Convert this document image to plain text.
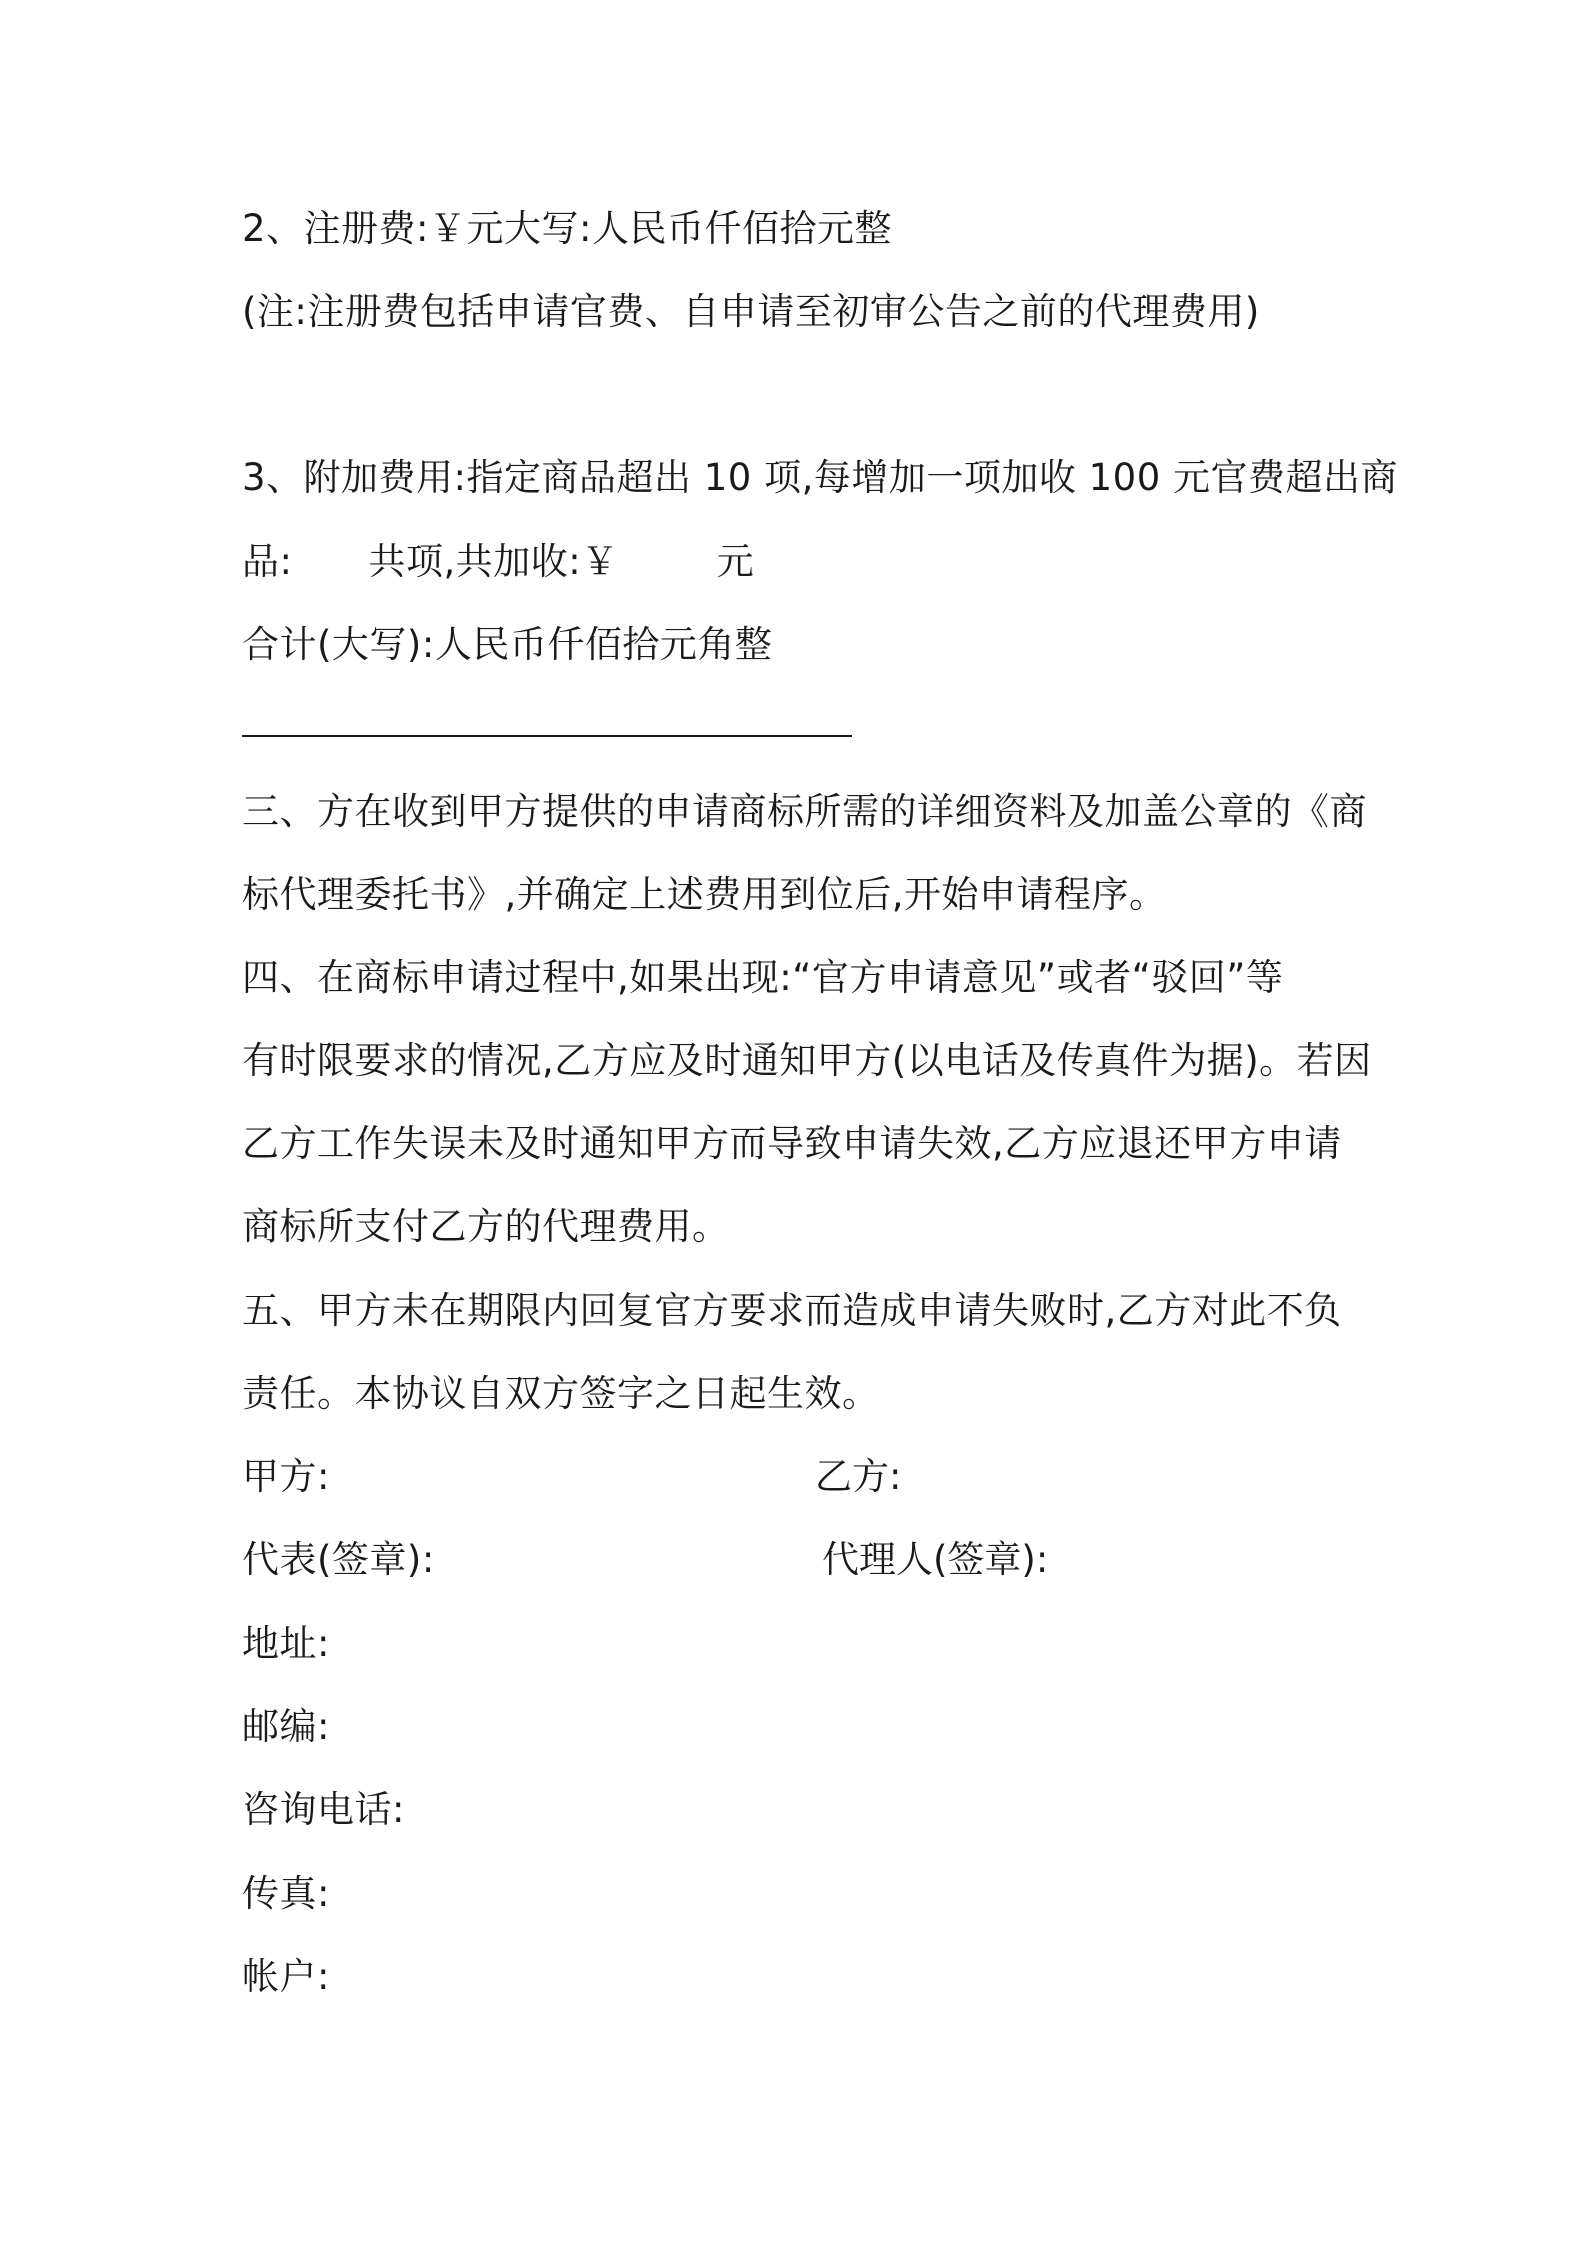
2、注册费:￥元大写:人民币仟佰拾元整
(注:注册费包括申请官费、自申请至初审公告之前的代理费用)
3、附加费用:指定商品超出 10 项,每增加一项加收 100 元官费超出商
品: 共项,共加收:￥	元
合计(大写):人民币仟佰拾元角整
三、方在收到甲方提供的申请商标所需的详细资料及加盖公章的《商
标代理委托书》,并确定上述费用到位后,开始申请程序。
四、在商标申请过程中,如果出现:“官方申请意见”或者“驳回”等
有时限要求的情况,乙方应及时通知甲方(以电话及传真件为据)。若因
乙方工作失误未及时通知甲方而导致申请失效,乙方应退还甲方申请
商标所支付乙方的代理费用。
五、甲方未在期限内回复官方要求而造成申请失败时,乙方对此不负
责任。本协议自双方签字之日起生效。
甲方:	乙方:
代表(签章):	代理人(签章):
地址:
邮编:
咨询电话:
传真:
帐户:
